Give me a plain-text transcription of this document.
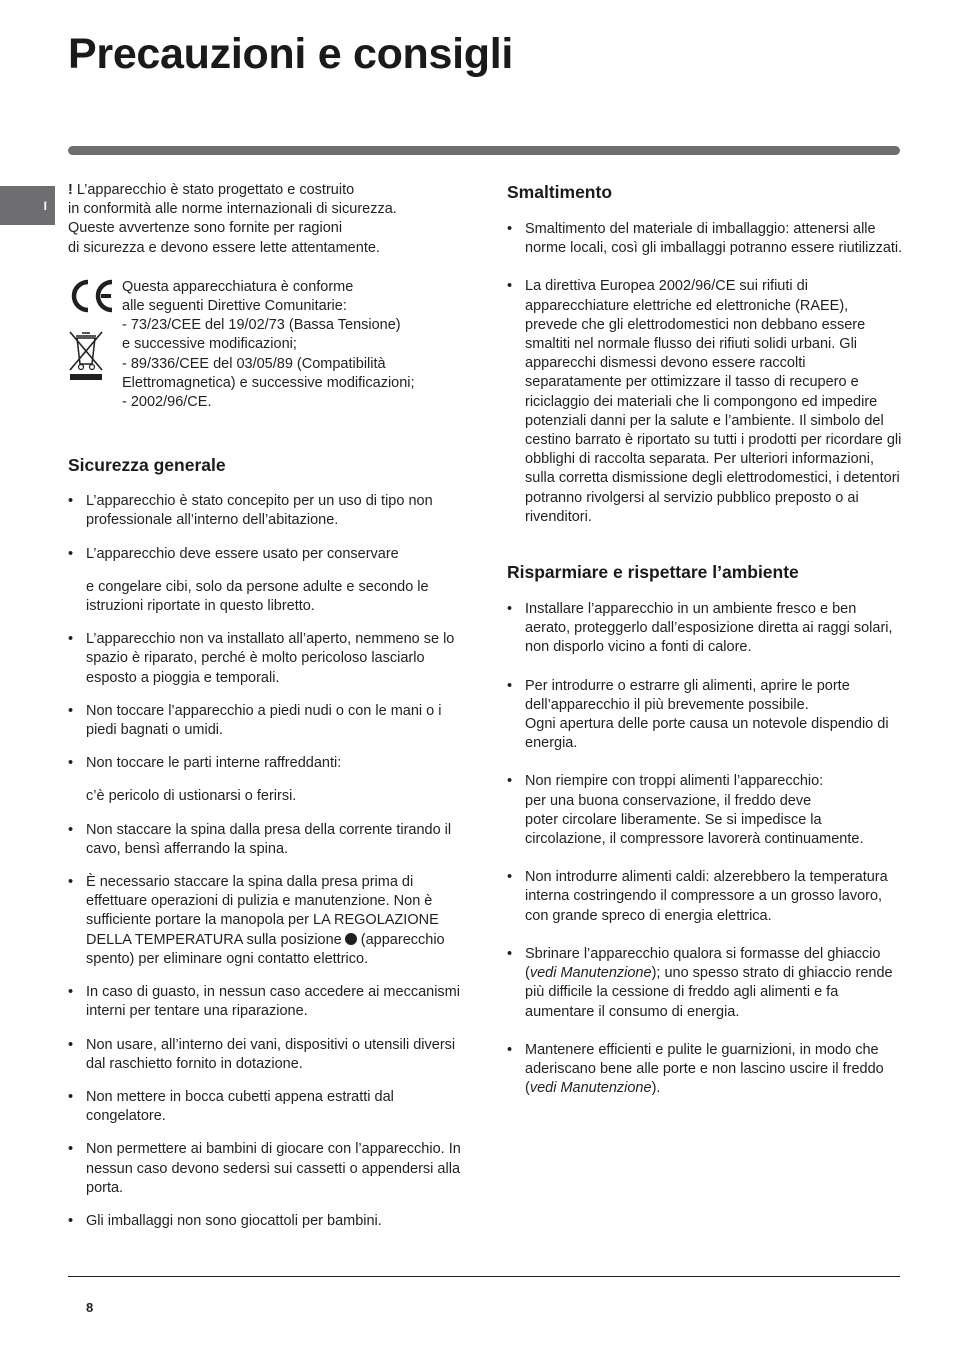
Precauzioni e consigli
I

! L’apparecchio è stato progettato e costruito
in conformità alle norme internazionali di sicurezza.
Queste avvertenze sono fornite per ragioni
di sicurezza e devono essere lette attentamente.

Questa apparecchiatura è conforme
alle seguenti Direttive Comunitarie:
- 73/23/CEE del 19/02/73 (Bassa Tensione)
e successive modificazioni;
- 89/336/CEE del 03/05/89 (Compatibilità
Elettromagnetica) e successive modificazioni;
- 2002/96/CE.

Sicurezza generale
• L’apparecchio è stato concepito per un uso di tipo non professionale all’interno dell’abitazione.
• L’apparecchio deve essere usato per conservare

e congelare cibi, solo da persone adulte e secondo le istruzioni riportate in questo libretto.

• L’apparecchio non va installato all’aperto, nemmeno se lo spazio è riparato, perché è molto pericoloso lasciarlo esposto a pioggia e temporali.
• Non toccare l’apparecchio a piedi nudi o con le mani o i piedi bagnati o umidi.
• Non toccare le parti interne raffreddanti:

c’è pericolo di ustionarsi o ferirsi.

• Non staccare la spina dalla presa della corrente tirando il cavo, bensì afferrando la spina.
• È necessario staccare la spina dalla presa prima di effettuare operazioni di pulizia e manutenzione. Non è sufficiente portare la manopola per LA REGOLAZIONE DELLA TEMPERATURA sulla posizione (apparecchio spento) per eliminare ogni contatto elettrico.
• In caso di guasto, in nessun caso accedere ai meccanismi interni per tentare una riparazione.
• Non usare, all’interno dei vani, dispositivi o utensili diversi dal raschietto fornito in dotazione.
• Non mettere in bocca cubetti appena estratti dal congelatore.
• Non permettere ai bambini di giocare con l’apparecchio. In nessun caso devono sedersi sui cassetti o appendersi alla porta.
• Gli imballaggi non sono giocattoli per bambini.
Smaltimento
• Smaltimento del materiale di imballaggio: attenersi alle norme locali, così gli imballaggi potranno essere riutilizzati.
• La direttiva Europea 2002/96/CE sui rifiuti di apparecchiature elettriche ed elettroniche (RAEE), prevede che gli elettrodomestici non debbano essere smaltiti nel normale flusso dei rifiuti solidi urbani. Gli apparecchi dismessi devono essere raccolti separatamente per ottimizzare il tasso di recupero e riciclaggio dei materiali che li compongono ed impedire potenziali danni per la salute e l’ambiente. Il simbolo del cestino barrato è riportato su tutti i prodotti per ricordare gli obblighi di raccolta separata. Per ulteriori informazioni, sulla corretta dismissione degli elettrodomestici, i detentori potranno rivolgersi al servizio pubblico preposto o ai rivenditori.
Risparmiare e rispettare l’ambiente
• Installare l’apparecchio in un ambiente fresco e ben aerato, proteggerlo dall’esposizione diretta ai raggi solari, non disporlo vicino a fonti di calore.
• Per introdurre o estrarre gli alimenti, aprire le porte dell’apparecchio il più brevemente possibile.
Ogni apertura delle porte causa un notevole dispendio di energia.
• Non riempire con troppi alimenti l’apparecchio:
per una buona conservazione, il freddo deve
poter circolare liberamente. Se si impedisce la circolazione, il compressore lavorerà continuamente.
• Non introdurre alimenti caldi: alzerebbero la temperatura interna costringendo il compressore a un grosso lavoro, con grande spreco di energia elettrica.
• Sbrinare l’apparecchio qualora si formasse del ghiaccio (vedi Manutenzione); uno spesso strato di ghiaccio rende più difficile la cessione di freddo agli alimenti e fa aumentare il consumo di energia.
• Mantenere efficienti e pulite le guarnizioni, in modo che aderiscano bene alle porte e non lascino uscire il freddo (vedi Manutenzione).
8
